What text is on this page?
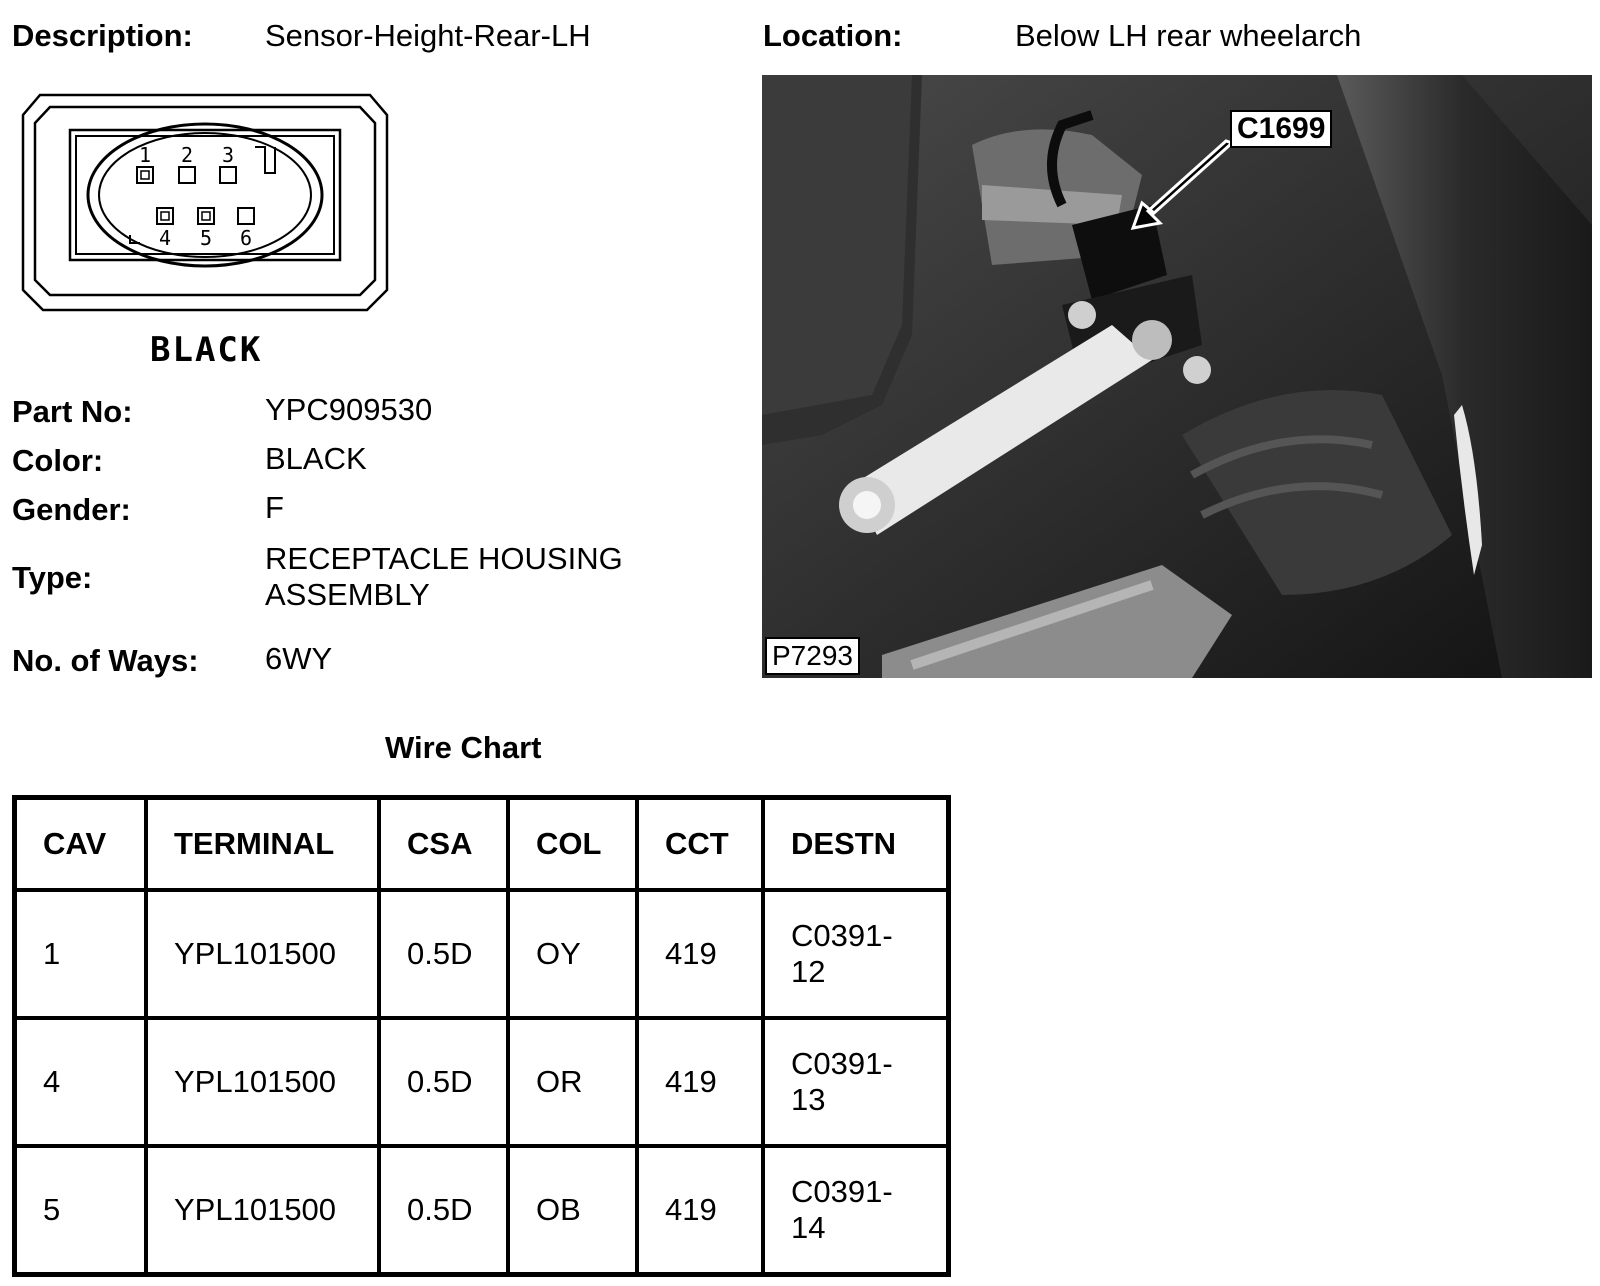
Description: Sensor-Height-Rear-LH	Location:	Below LH rear wheelarch
1 2 3
4 5 6
BLACK
Part No:	YPC909530
Color:	BLACK
Gender:	F
Type:
RECEPTACLE HOUSING
ASSEMBLY
No. of Ways: 6WY
C1699
P7293
Wire Chart
CAV	TERMINAL	CSA	COL	CCT	DESTN
1	YPL101500	0.5D	OY	419	C0391-
12
4	YPL101500	0.5D	OR	419	C0391-
13
5	YPL101500	0.5D	OB	419	C0391-
14
